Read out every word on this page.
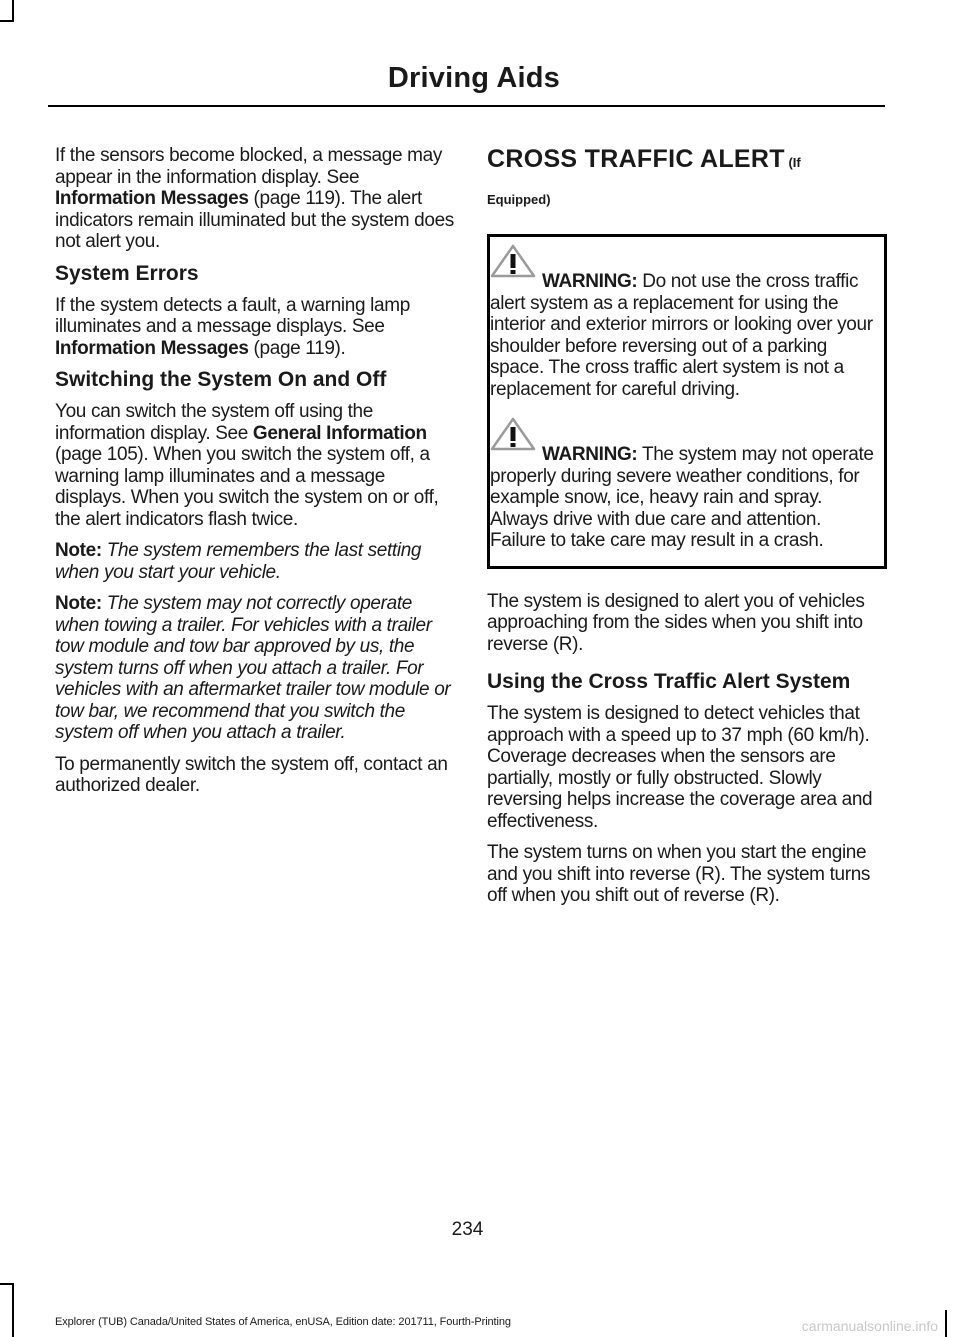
Driving Aids

If the sensors become blocked, a message may appear in the information display. See Information Messages (page 119). The alert indicators remain illuminated but the system does not alert you.

System Errors

If the system detects a fault, a warning lamp illuminates and a message displays. See Information Messages (page 119).

Switching the System On and Off

You can switch the system off using the information display. See General Information (page 105). When you switch the system off, a warning lamp illuminates and a message displays. When you switch the system on or off, the alert indicators flash twice.

Note: The system remembers the last setting when you start your vehicle.

Note: The system may not correctly operate when towing a trailer. For vehicles with a trailer tow module and tow bar approved by us, the system turns off when you attach a trailer. For vehicles with an aftermarket trailer tow module or tow bar, we recommend that you switch the system off when you attach a trailer.

To permanently switch the system off, contact an authorized dealer.

CROSS TRAFFIC ALERT (If
Equipped)

WARNING: Do not use the cross traffic alert system as a replacement for using the interior and exterior mirrors or looking over your shoulder before reversing out of a parking space. The cross traffic alert system is not a replacement for careful driving.

WARNING: The system may not operate properly during severe weather conditions, for example snow, ice, heavy rain and spray. Always drive with due care and attention. Failure to take care may result in a crash.

The system is designed to alert you of vehicles approaching from the sides when you shift into reverse (R).

Using the Cross Traffic Alert System

The system is designed to detect vehicles that approach with a speed up to 37 mph (60 km/h). Coverage decreases when the sensors are partially, mostly or fully obstructed. Slowly reversing helps increase the coverage area and effectiveness.

The system turns on when you start the engine and you shift into reverse (R). The system turns off when you shift out of reverse (R).

234
Explorer (TUB) Canada/United States of America, enUSA, Edition date: 201711, Fourth-Printing	carmanualsonline.info
